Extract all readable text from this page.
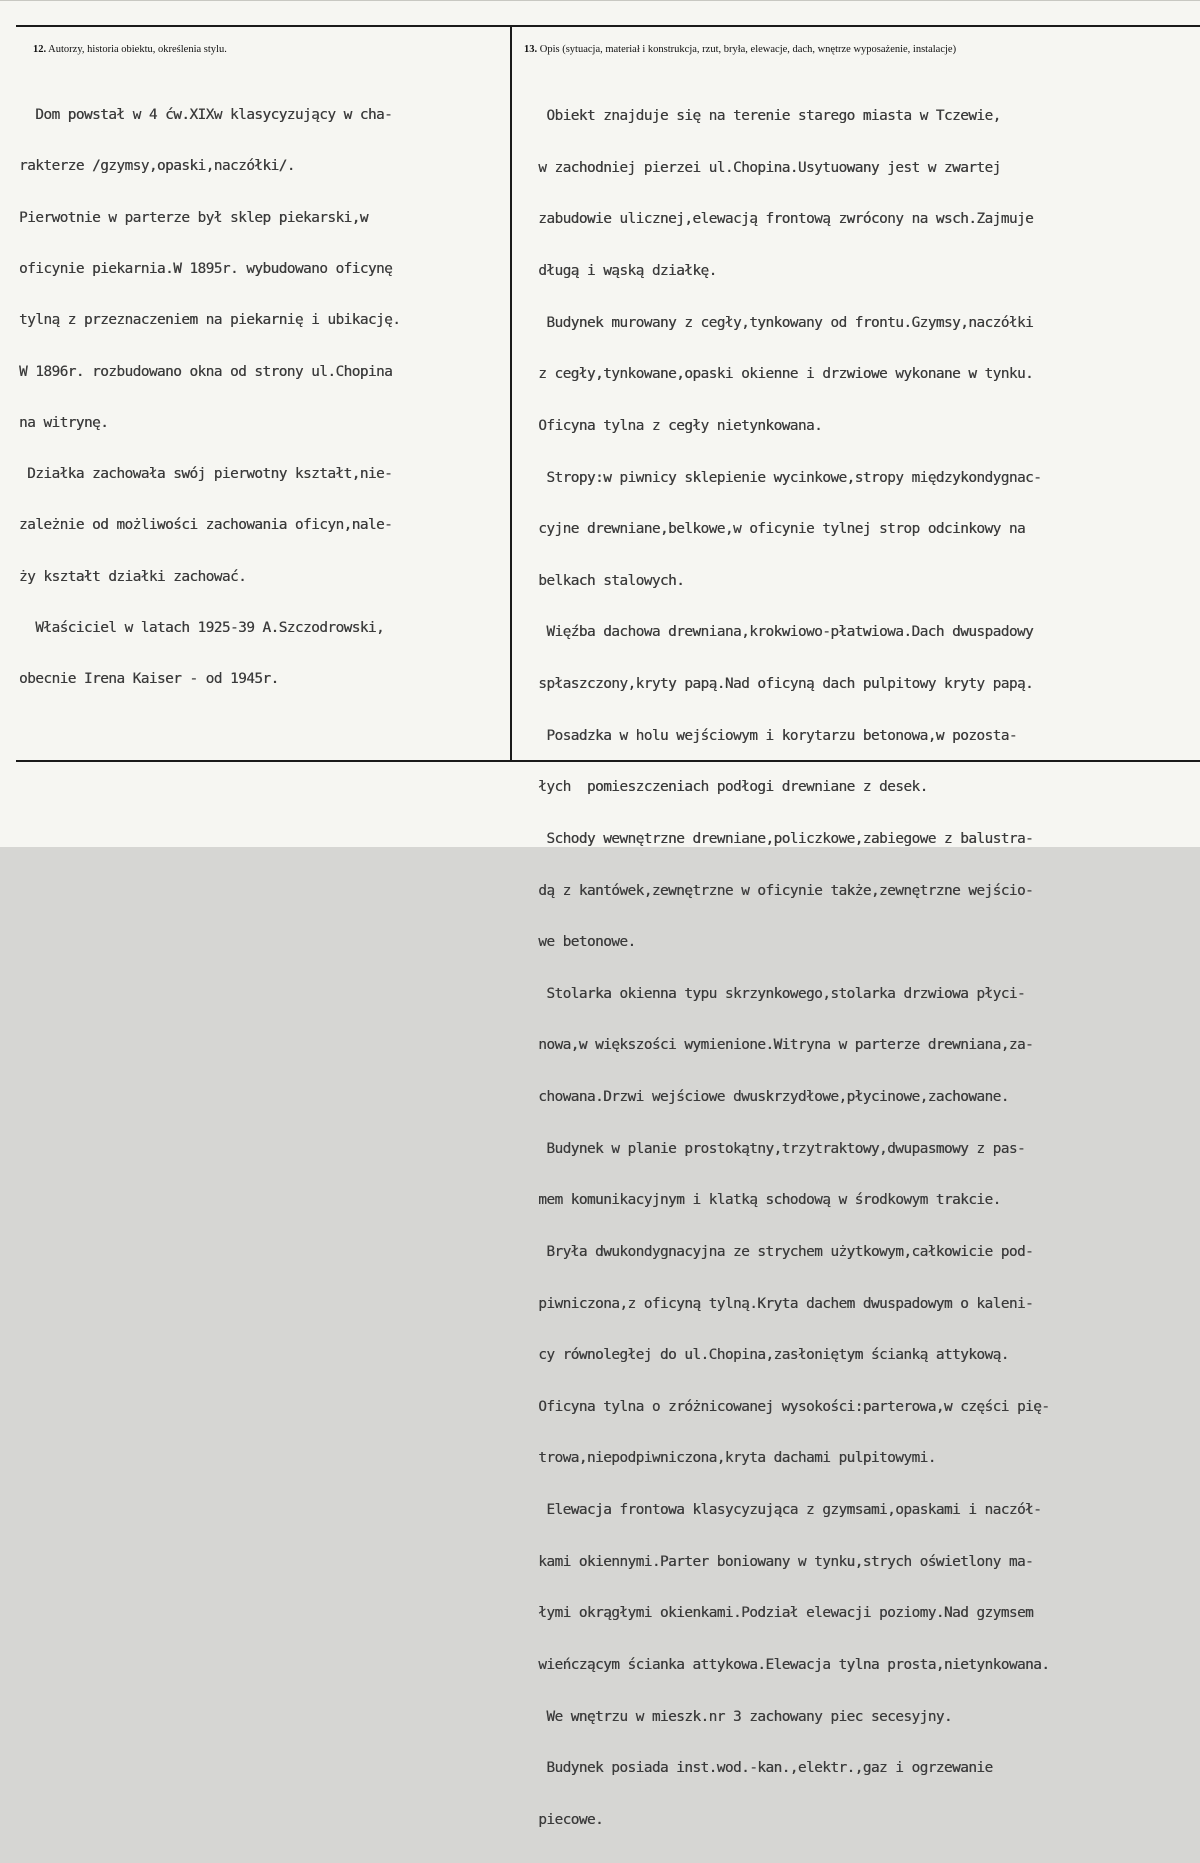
12. Autorzy, historia obiektu, określenia stylu.	13. Opis (sytuacja, materiał i konstrukcja, rzut, bryła, elewacje, dach, wnętrze wyposażenie, instalacje)

Dom powstał w 4 ćw.XIXw klasycyzujący w cha-

rakterze /gzymsy,opaski,naczółki/.

Pierwotnie w parterze był sklep piekarski,w

oficynie piekarnia.W 1895r. wybudowano oficynę

tylną z przeznaczeniem na piekarnię i ubikację.

W 1896r. rozbudowano okna od strony ul.Chopina

na witrynę.

Działka zachowała swój pierwotny kształt,nie-

zależnie od możliwości zachowania oficyn,nale-

ży kształt działki zachować.

Właściciel w latach 1925-39 A.Szczodrowski,

obecnie Irena Kaiser - od 1945r.

Obiekt znajduje się na terenie starego miasta w Tczewie,

w zachodniej pierzei ul.Chopina.Usytuowany jest w zwartej

zabudowie ulicznej,elewacją frontową zwrócony na wsch.Zajmuje

długą i wąską działkę.

Budynek murowany z cegły,tynkowany od frontu.Gzymsy,naczółki

z cegły,tynkowane,opaski okienne i drzwiowe wykonane w tynku.

Oficyna tylna z cegły nietynkowana.

Stropy:w piwnicy sklepienie wycinkowe,stropy międzykondygnac-

cyjne drewniane,belkowe,w oficynie tylnej strop odcinkowy na

belkach stalowych.

Więźba dachowa drewniana,krokwiowo-płatwiowa.Dach dwuspadowy

spłaszczony,kryty papą.Nad oficyną dach pulpitowy kryty papą.

Posadzka w holu wejściowym i korytarzu betonowa,w pozosta-

łych  pomieszczeniach podłogi drewniane z desek.

Schody wewnętrzne drewniane,policzkowe,zabiegowe z balustra-

dą z kantówek,zewnętrzne w oficynie także,zewnętrzne wejścio-

we betonowe.

Stolarka okienna typu skrzynkowego,stolarka drzwiowa płyci-

nowa,w większości wymienione.Witryna w parterze drewniana,za-

chowana.Drzwi wejściowe dwuskrzydłowe,płycinowe,zachowane.

Budynek w planie prostokątny,trzytraktowy,dwupasmowy z pas-

mem komunikacyjnym i klatką schodową w środkowym trakcie.

Bryła dwukondygnacyjna ze strychem użytkowym,całkowicie pod-

piwniczona,z oficyną tylną.Kryta dachem dwuspadowym o kaleni-

cy równoległej do ul.Chopina,zasłoniętym ścianką attykową.

Oficyna tylna o zróżnicowanej wysokości:parterowa,w części pię-

trowa,niepodpiwniczona,kryta dachami pulpitowymi.

Elewacja frontowa klasycyzująca z gzymsami,opaskami i naczół-

kami okiennymi.Parter boniowany w tynku,strych oświetlony ma-

łymi okrągłymi okienkami.Podział elewacji poziomy.Nad gzymsem

wieńczącym ścianka attykowa.Elewacja tylna prosta,nietynkowana.

We wnętrzu w mieszk.nr 3 zachowany piec secesyjny.

Budynek posiada inst.wod.-kan.,elektr.,gaz i ogrzewanie

piecowe.
